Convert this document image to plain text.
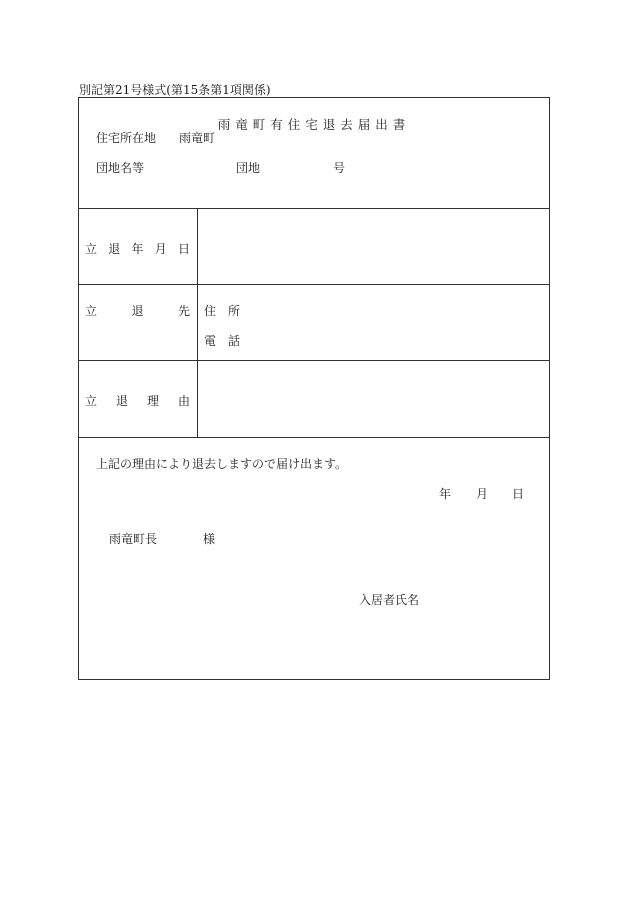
別記第21号様式(第15条第1項関係)
雨竜町有住宅退去届出書
住宅所在地 雨竜町
団地名等	団地	号
立 退 年 月 日
立	退	先 住　所
電　話
立 退 理 由
上記の理由により退去しますので届け出ます。
年 月 日
雨竜町長	様
入居者氏名
